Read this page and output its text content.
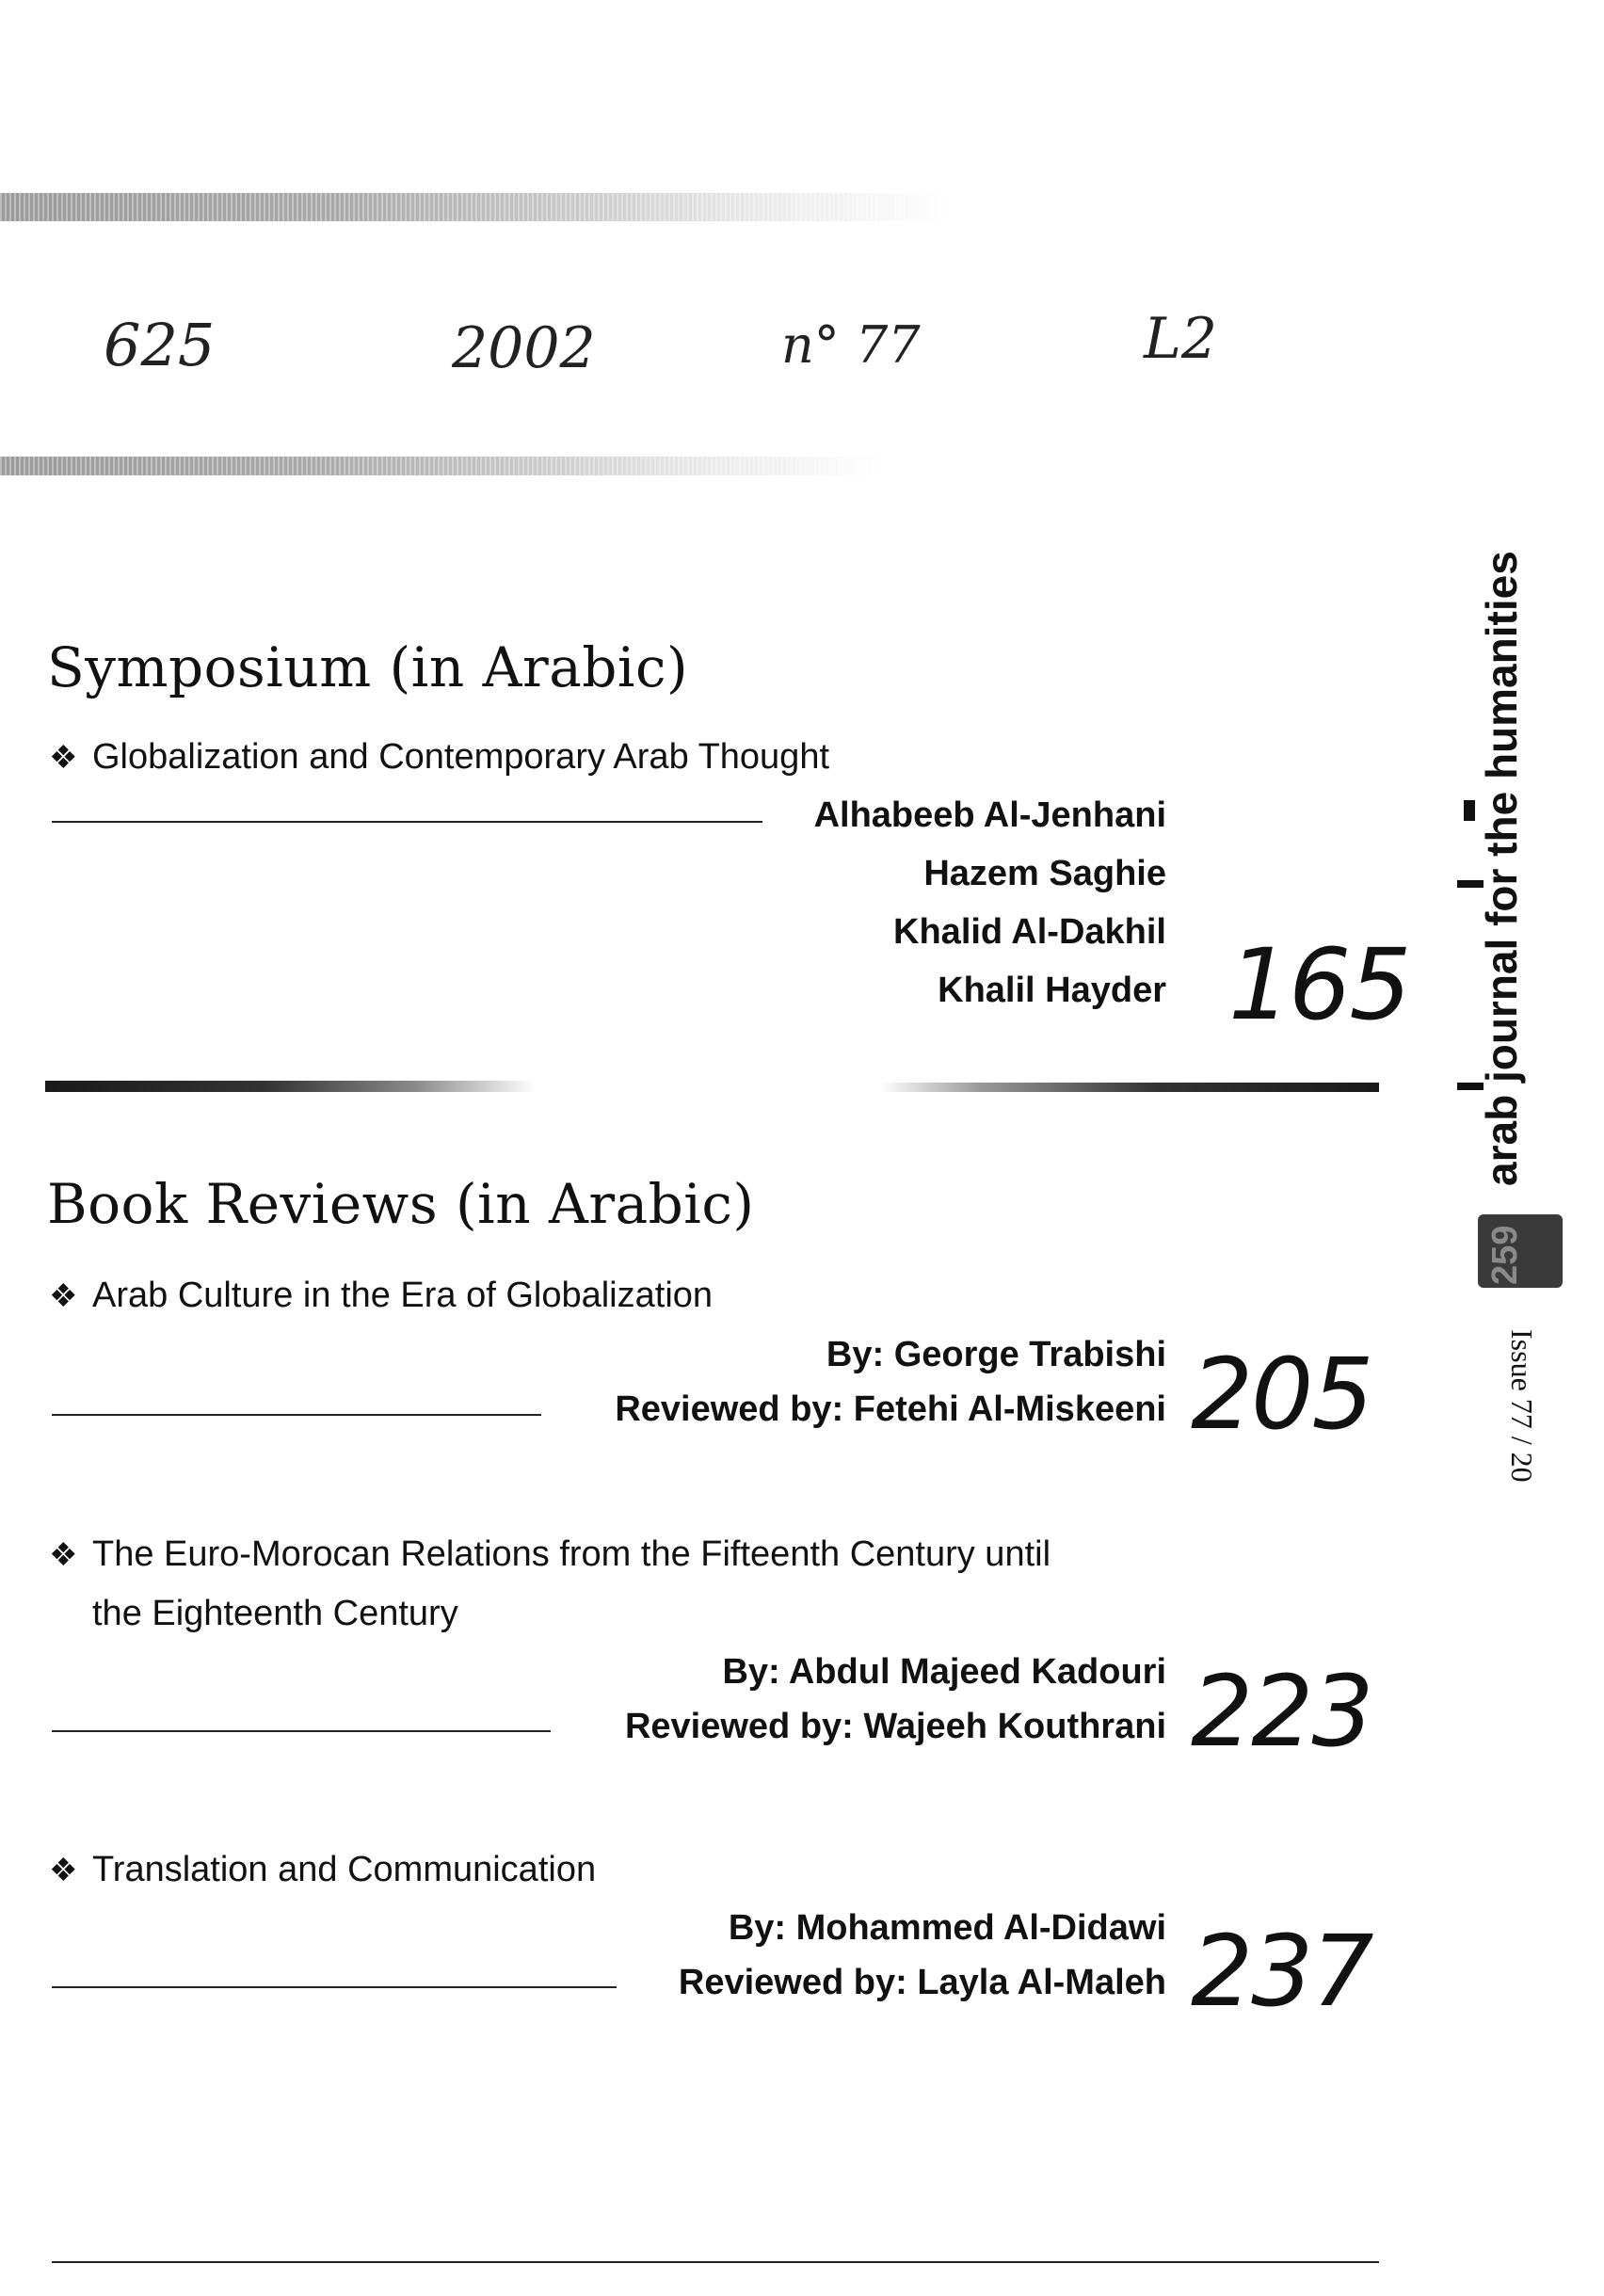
625	2002	n° 77	L2
Symposium (in Arabic)
❖ Globalization and Contemporary Arab Thought
Alhabeeb Al-Jenhani
Hazem Saghie
Khalid Al-Dakhil
Khalil Hayder 165
Book Reviews (in Arabic)
❖ Arab Culture in the Era of Globalization
By: George Trabishi
Reviewed by: Fetehi Al-Miskeeni 205
❖ The Euro-Morocan Relations from the Fifteenth Century until
the Eighteenth Century
By: Abdul Majeed Kadouri
Reviewed by: Wajeeh Kouthrani 223
❖ Translation and Communication
By: Mohammed Al-Didawi
Reviewed by: Layla Al-Maleh 237
arab journal for the humanities
259
Issue 77 / 20
